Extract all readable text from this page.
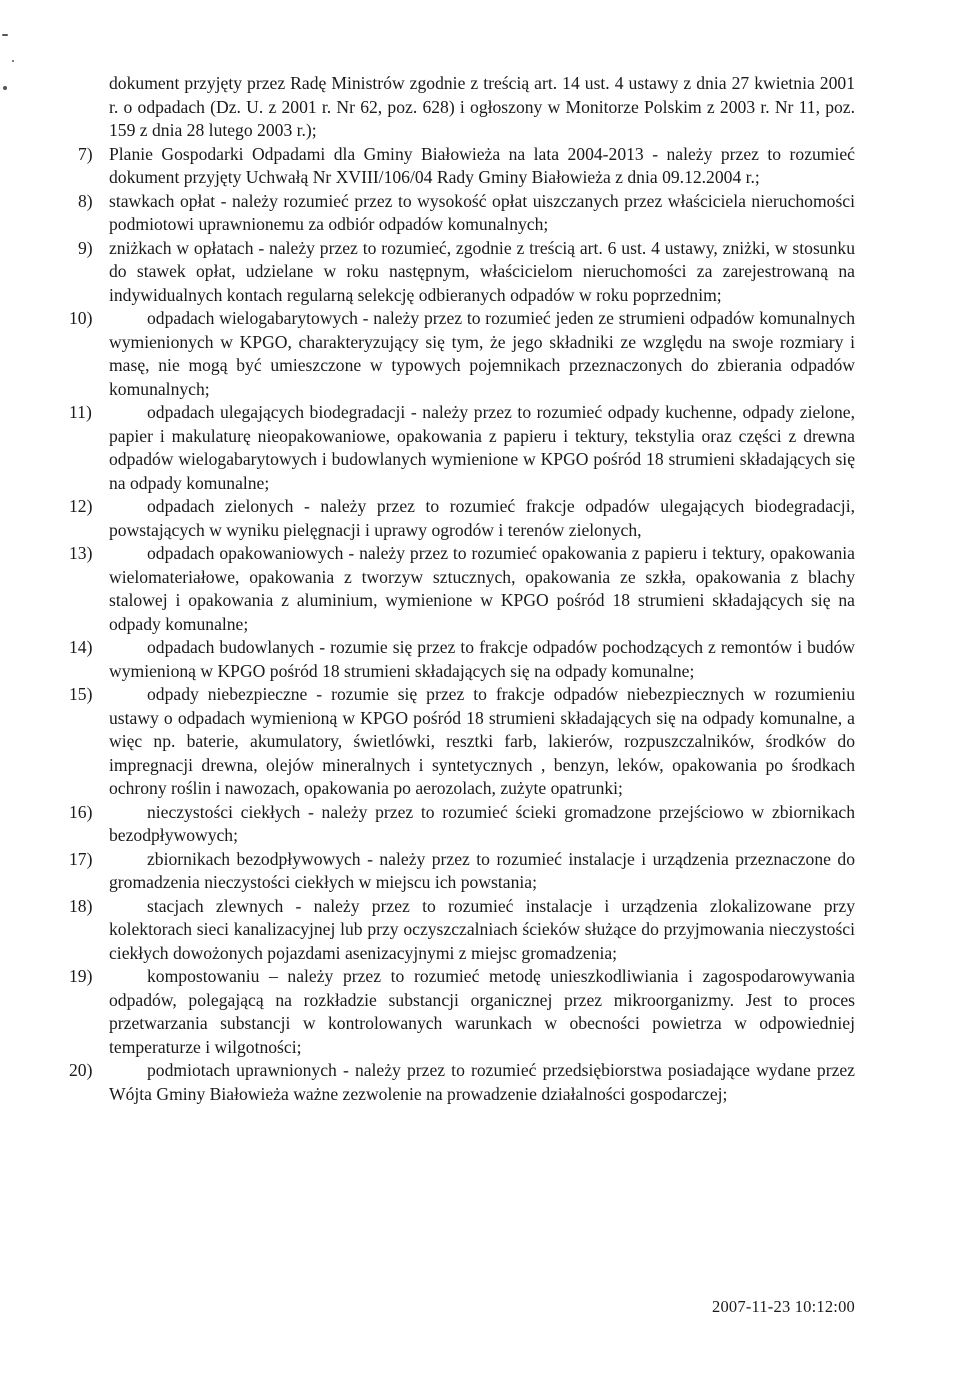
dokument przyjęty przez Radę Ministrów zgodnie z treścią art. 14 ust. 4 ustawy z dnia 27 kwietnia 2001 r. o odpadach (Dz. U. z 2001 r. Nr 62, poz. 628) i ogłoszony w Monitorze Polskim z 2003 r. Nr 11, poz. 159 z dnia 28 lutego 2003 r.);

7) Planie Gospodarki Odpadami dla Gminy Białowieża na lata 2004-2013 - należy przez to rozumieć dokument przyjęty Uchwałą Nr XVIII/106/04 Rady Gminy Białowieża z dnia 09.12.2004 r.;
8) stawkach opłat - należy rozumieć przez to wysokość opłat uiszczanych przez właściciela nieruchomości podmiotowi uprawnionemu za odbiór odpadów komunalnych;
9) zniżkach w opłatach - należy przez to rozumieć, zgodnie z treścią art. 6 ust. 4 ustawy, zniżki, w stosunku do stawek opłat, udzielane w roku następnym, właścicielom nieruchomości za zarejestrowaną na indywidualnych kontach regularną selekcję odbieranych odpadów w roku poprzednim;
10)	odpadach wielogabarytowych - należy przez to rozumieć jeden ze strumieni odpadów komunalnych wymienionych w KPGO, charakteryzujący się tym, że jego składniki ze względu na swoje rozmiary i masę, nie mogą być umieszczone w typowych pojemnikach przeznaczonych do zbierania odpadów komunalnych;
11)	odpadach ulegających biodegradacji - należy przez to rozumieć odpady kuchenne, odpady zielone, papier i makulaturę nieopakowaniowe, opakowania z papieru i tektury, tekstylia oraz części z drewna odpadów wielogabarytowych i budowlanych wymienione w KPGO pośród 18 strumieni składających się na odpady komunalne;
12)	odpadach zielonych - należy przez to rozumieć frakcje odpadów ulegających biodegradacji, powstających w wyniku pielęgnacji i uprawy ogrodów i terenów zielonych,
13)	odpadach opakowaniowych - należy przez to rozumieć opakowania z papieru i tektury, opakowania wielomateriałowe, opakowania z tworzyw sztucznych, opakowania ze szkła, opakowania z blachy stalowej i opakowania z aluminium, wymienione w KPGO pośród 18 strumieni składających się na odpady komunalne;
14)	odpadach budowlanych - rozumie się przez to frakcje odpadów pochodzących z remontów i budów wymienioną w KPGO pośród 18 strumieni składających się na odpady komunalne;
15)	odpady niebezpieczne - rozumie się przez to frakcje odpadów niebezpiecznych w rozumieniu ustawy o odpadach wymienioną w KPGO pośród 18 strumieni składających się na odpady komunalne, a więc np. baterie, akumulatory, świetlówki, resztki farb, lakierów, rozpuszczalników, środków do impregnacji drewna, olejów mineralnych i syntetycznych , benzyn, leków, opakowania po środkach ochrony roślin i nawozach, opakowania po aerozolach, zużyte opatrunki;
16)	nieczystości ciekłych - należy przez to rozumieć ścieki gromadzone przejściowo w zbiornikach bezodpływowych;
17)	zbiornikach bezodpływowych - należy przez to rozumieć instalacje i urządzenia przeznaczone do gromadzenia nieczystości ciekłych w miejscu ich powstania;
18)	stacjach zlewnych - należy przez to rozumieć instalacje i urządzenia zlokalizowane przy kolektorach sieci kanalizacyjnej lub przy oczyszczalniach ścieków służące do przyjmowania nieczystości ciekłych dowożonych pojazdami asenizacyjnymi z miejsc gromadzenia;
19)	kompostowaniu – należy przez to rozumieć metodę unieszkodliwiania i zagospodarowywania odpadów, polegającą na rozkładzie substancji organicznej przez mikroorganizmy. Jest to proces przetwarzania substancji w kontrolowanych warunkach w obecności powietrza w odpowiedniej temperaturze i wilgotności;
20)	podmiotach uprawnionych - należy przez to rozumieć przedsiębiorstwa posiadające wydane przez Wójta Gminy Białowieża ważne zezwolenie na prowadzenie działalności gospodarczej;
2007-11-23 10:12:00
